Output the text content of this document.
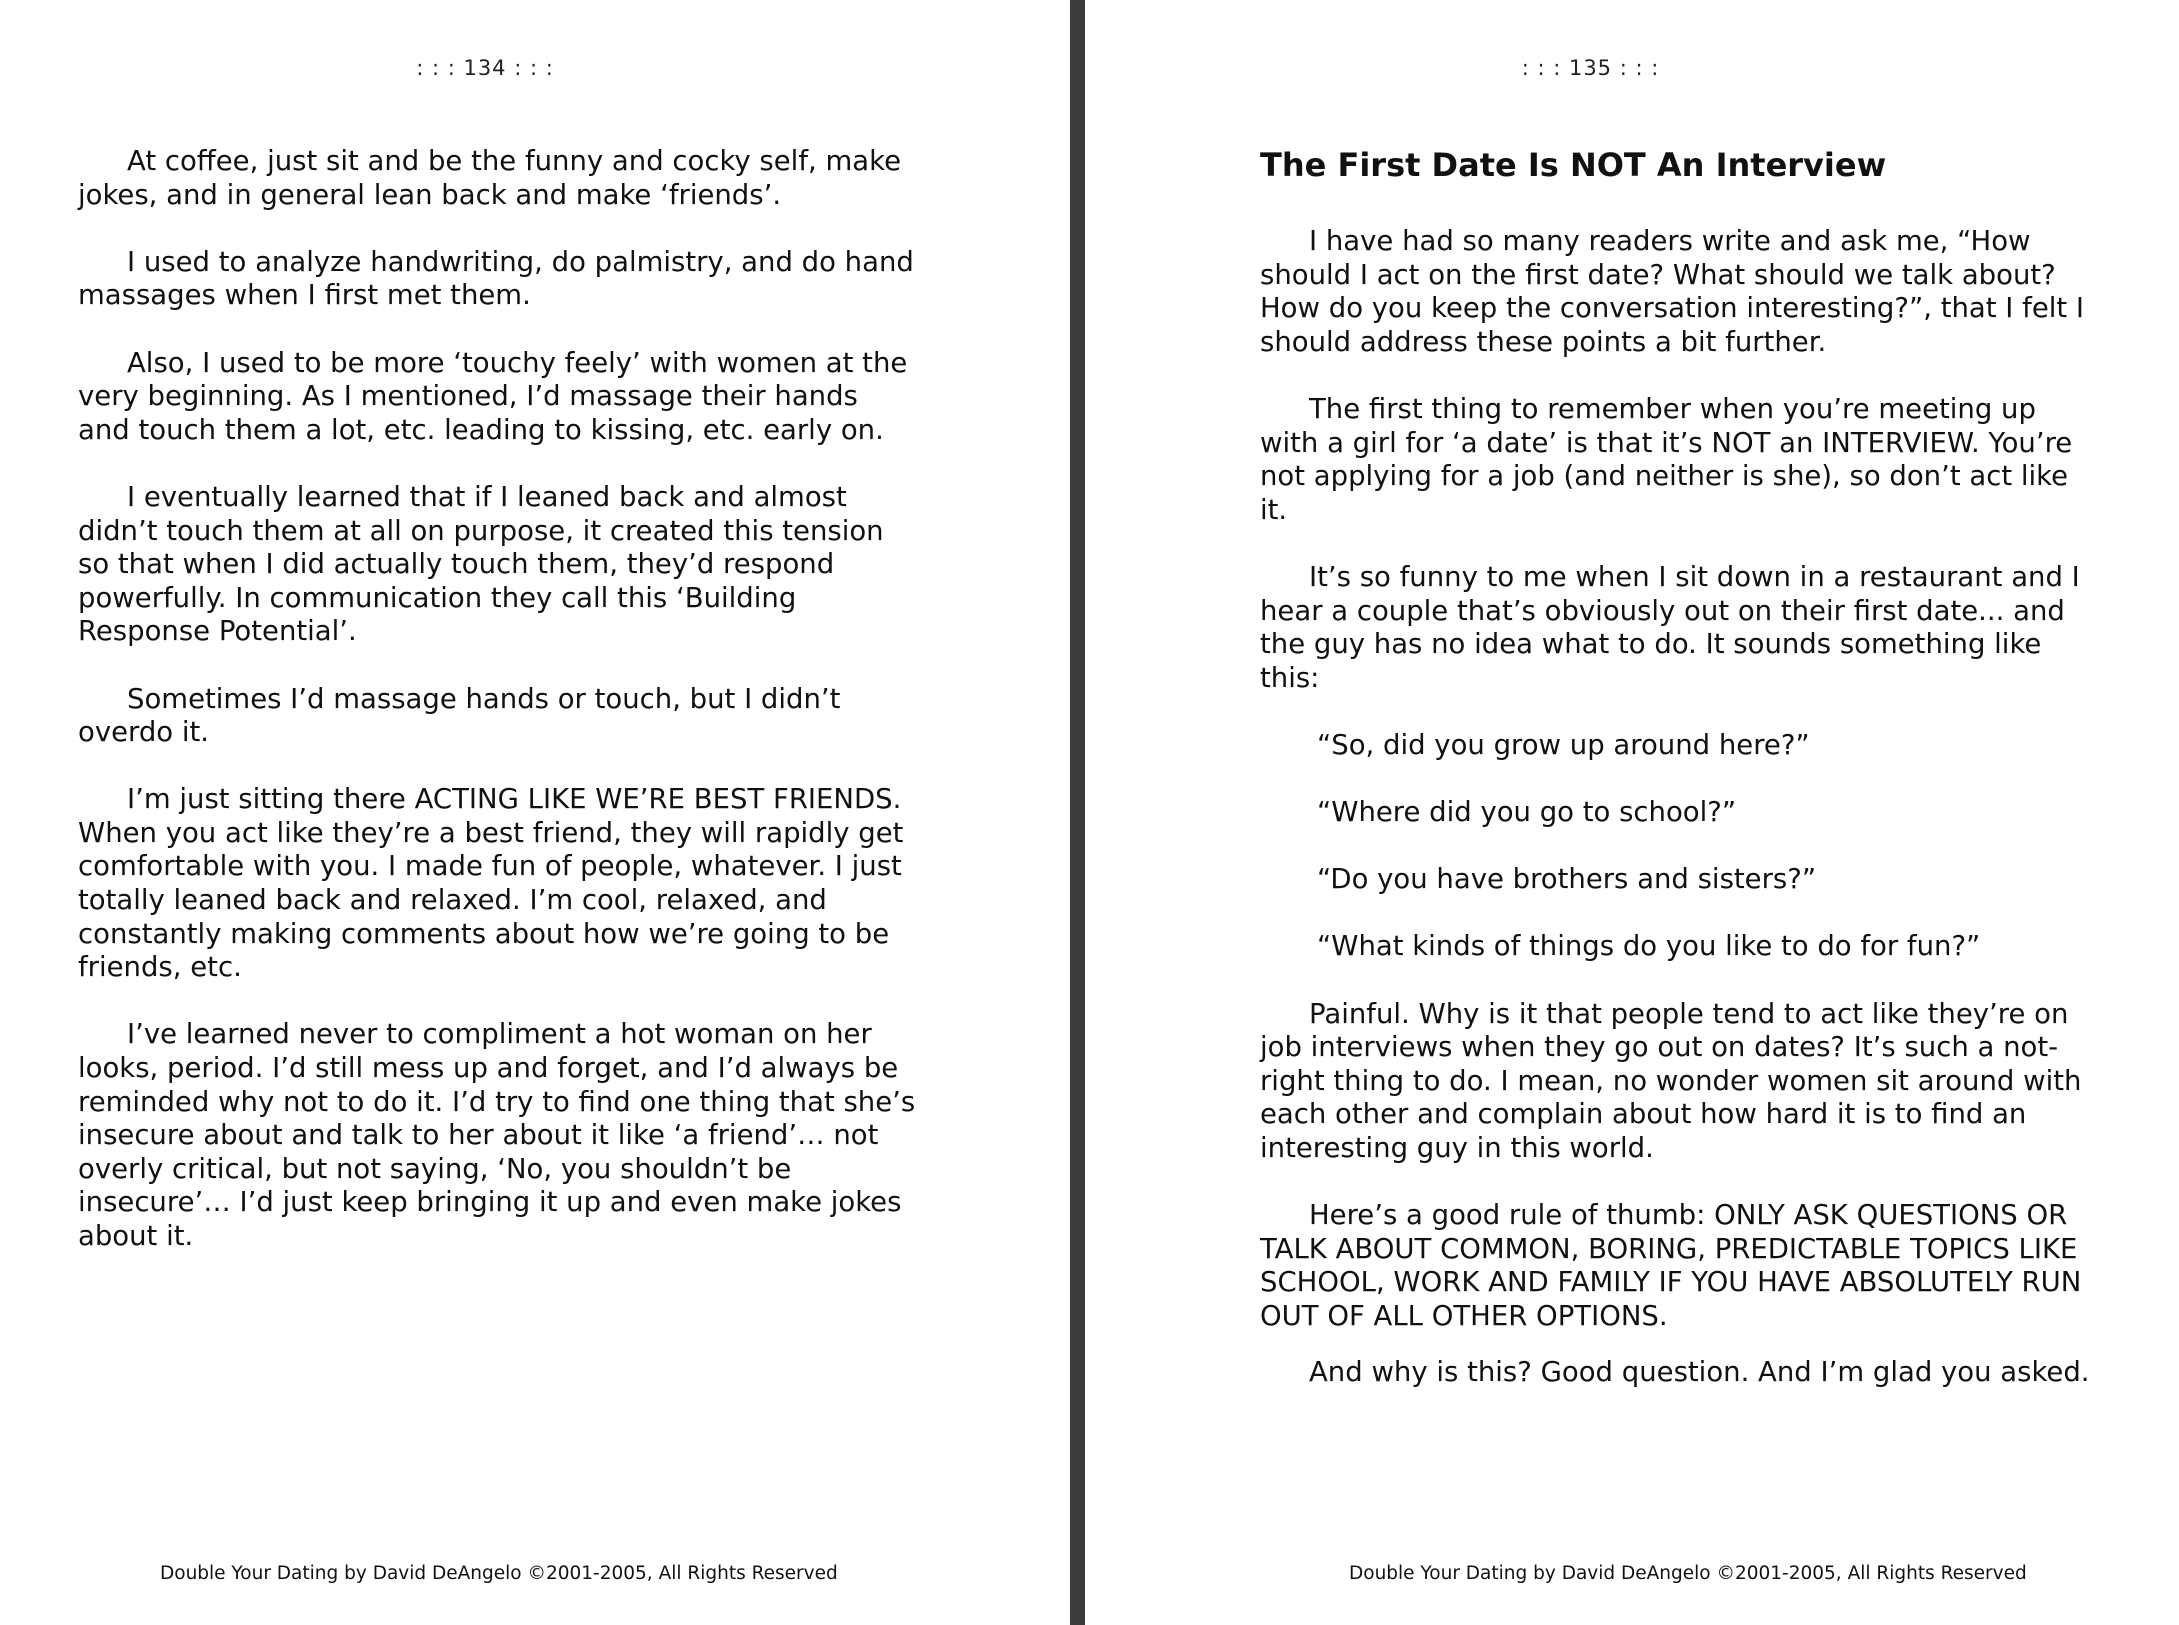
: : : 134 : : :

At coffee, just sit and be the funny and cocky self, make jokes, and in general lean back and make ‘friends’.

I used to analyze handwriting, do palmistry, and do hand massages when I first met them.

Also, I used to be more ‘touchy feely’ with women at the very beginning. As I mentioned, I’d massage their hands and touch them a lot, etc. leading to kissing, etc. early on.

I eventually learned that if I leaned back and almost didn’t touch them at all on purpose, it created this tension so that when I did actually touch them, they’d respond powerfully. In communication they call this ‘Building Response Potential’.

Sometimes I’d massage hands or touch, but I didn’t overdo it.

I’m just sitting there ACTING LIKE WE’RE BEST FRIENDS. When you act like they’re a best friend, they will rapidly get comfortable with you. I made fun of people, whatever. I just totally leaned back and relaxed. I’m cool, relaxed, and constantly making comments about how we’re going to be friends, etc.

I’ve learned never to compliment a hot woman on her looks, period. I’d still mess up and forget, and I’d always be reminded why not to do it. I’d try to find one thing that she’s insecure about and talk to her about it like ‘a friend’… not overly critical, but not saying, ‘No, you shouldn’t be insecure’… I’d just keep bringing it up and even make jokes about it.

Double Your Dating by David DeAngelo ©2001-2005, All Rights Reserved
: : : 135 : : :
The First Date Is NOT An Interview

I have had so many readers write and ask me, “How should I act on the first date? What should we talk about? How do you keep the conversation interesting?”, that I felt I should address these points a bit further.

The first thing to remember when you’re meeting up with a girl for ‘a date’ is that it’s NOT an INTERVIEW. You’re not applying for a job (and neither is she), so don’t act like it.

It’s so funny to me when I sit down in a restaurant and I hear a couple that’s obviously out on their first date... and the guy has no idea what to do. It sounds something like this:

“So, did you grow up around here?”

“Where did you go to school?”

“Do you have brothers and sisters?”

“What kinds of things do you like to do for fun?”

Painful. Why is it that people tend to act like they’re on job interviews when they go out on dates? It’s such a not-right thing to do. I mean, no wonder women sit around with each other and complain about how hard it is to find an interesting guy in this world.

Here’s a good rule of thumb: ONLY ASK QUESTIONS OR TALK ABOUT COMMON, BORING, PREDICTABLE TOPICS LIKE SCHOOL, WORK AND FAMILY IF YOU HAVE ABSOLUTELY RUN OUT OF ALL OTHER OPTIONS.

And why is this? Good question. And I’m glad you asked.

Double Your Dating by David DeAngelo ©2001-2005, All Rights Reserved
